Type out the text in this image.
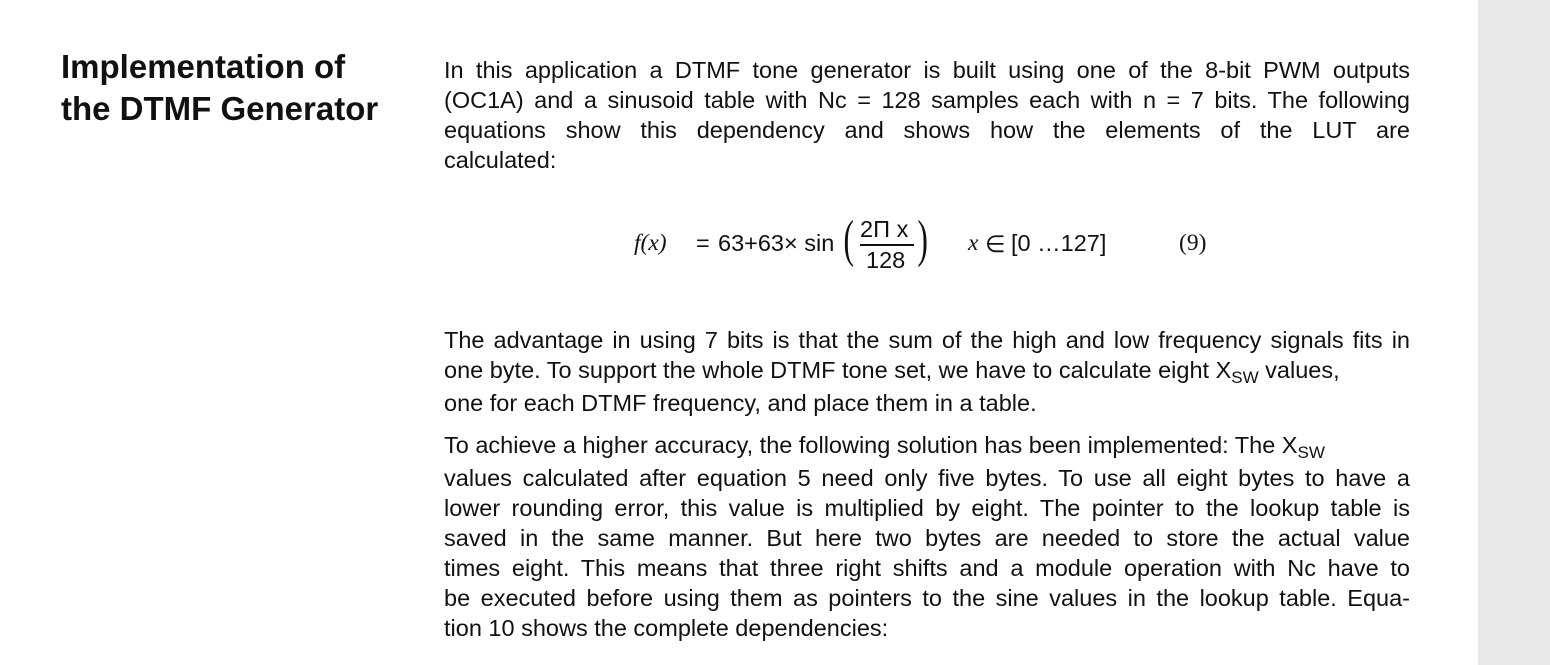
Implementation of
the DTMF Generator

In this application a DTMF tone generator is built using one of the 8-bit PWM outputs
(OC1A) and a sinusoid table with Nc = 128 samples each with n = 7 bits. The following
equations show this dependency and shows how the elements of the LUT are
calculated:

f(x) = 63+63× sin ( 2Π x
128 ) x ∈ [0 …127]	(9)

The advantage in using 7 bits is that the sum of the high and low frequency signals fits in
one byte. To support the whole DTMF tone set, we have to calculate eight $X_{SW}$ values,
one for each DTMF frequency, and place them in a table.

To achieve a higher accuracy, the following solution has been implemented: The $X_{SW}$
values calculated after equation 5 need only five bytes. To use all eight bytes to have a
lower rounding error, this value is multiplied by eight. The pointer to the lookup table is
saved in the same manner. But here two bytes are needed to store the actual value
times eight. This means that three right shifts and a module operation with Nc have to
be executed before using them as pointers to the sine values in the lookup table. Equa-
tion 10 shows the complete dependencies:
